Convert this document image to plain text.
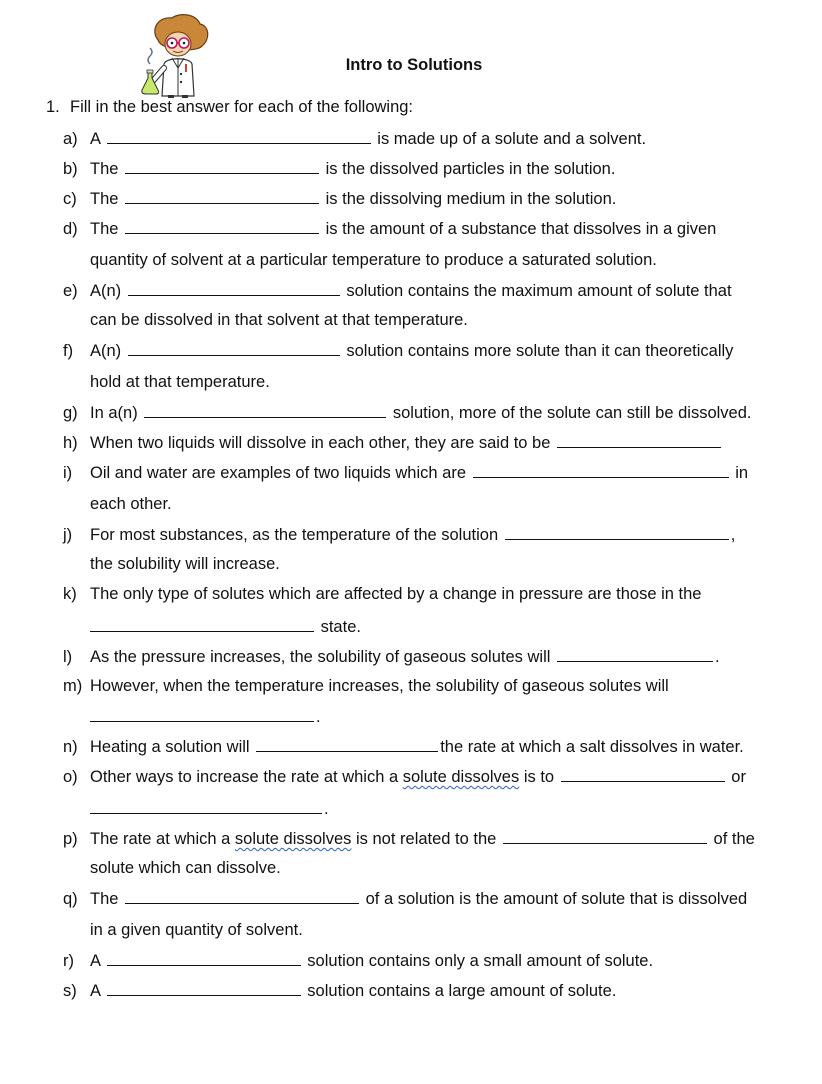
Intro to Solutions
1. Fill in the best answer for each of the following:
a) A	is made up of a solute and a solvent.
b) The	is the dissolved particles in the solution.
c) The	is the dissolving medium in the solution.
d) The	is the amount of a substance that dissolves in a given
quantity of solvent at a particular temperature to produce a saturated solution.
e) A(n)	solution contains the maximum amount of solute that
can be dissolved in that solvent at that temperature.
f) A(n)	solution contains more solute than it can theoretically
hold at that temperature.
g) In a(n)	solution, more of the solute can still be dissolved.
h) When two liquids will dissolve in each other, they are said to be
i) Oil and water are examples of two liquids which are	in
each other.
j) For most substances, as the temperature of the solution	,
the solubility will increase.
k) The only type of solutes which are affected by a change in pressure are those in the
state.
l) As the pressure increases, the solubility of gaseous solutes will	.
m) However, when the temperature increases, the solubility of gaseous solutes will
.
n) Heating a solution will	the rate at which a salt dissolves in water.
o) Other ways to increase the rate at which a solute dissolves is to	or
.
p) The rate at which a solute dissolves is not related to the	of the
solute which can dissolve.
q) The	of a solution is the amount of solute that is dissolved
in a given quantity of solvent.
r) A	solution contains only a small amount of solute.
s) A	solution contains a large amount of solute.
